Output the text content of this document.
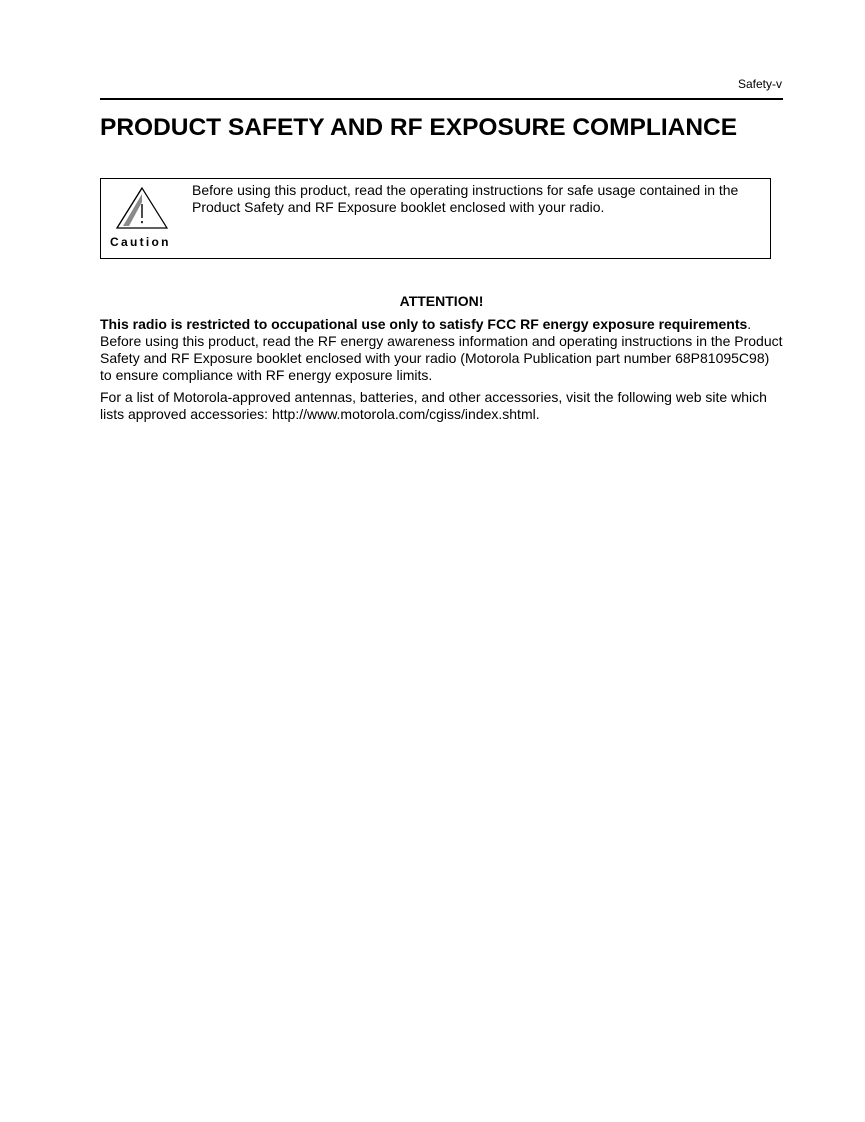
Safety-v
PRODUCT SAFETY AND RF EXPOSURE COMPLIANCE
Caution
Before using this product, read the operating instructions for safe usage contained in the Product Safety and RF Exposure booklet enclosed with your radio.
ATTENTION!

This radio is restricted to occupational use only to satisfy FCC RF energy exposure requirements.
Before using this product, read the RF energy awareness information and operating instructions in the Product Safety and RF Exposure booklet enclosed with your radio (Motorola Publication part number 68P81095C98) to ensure compliance with RF energy exposure limits.

For a list of Motorola-approved antennas, batteries, and other accessories, visit the following web site which lists approved accessories: http://www.motorola.com/cgiss/index.shtml.
